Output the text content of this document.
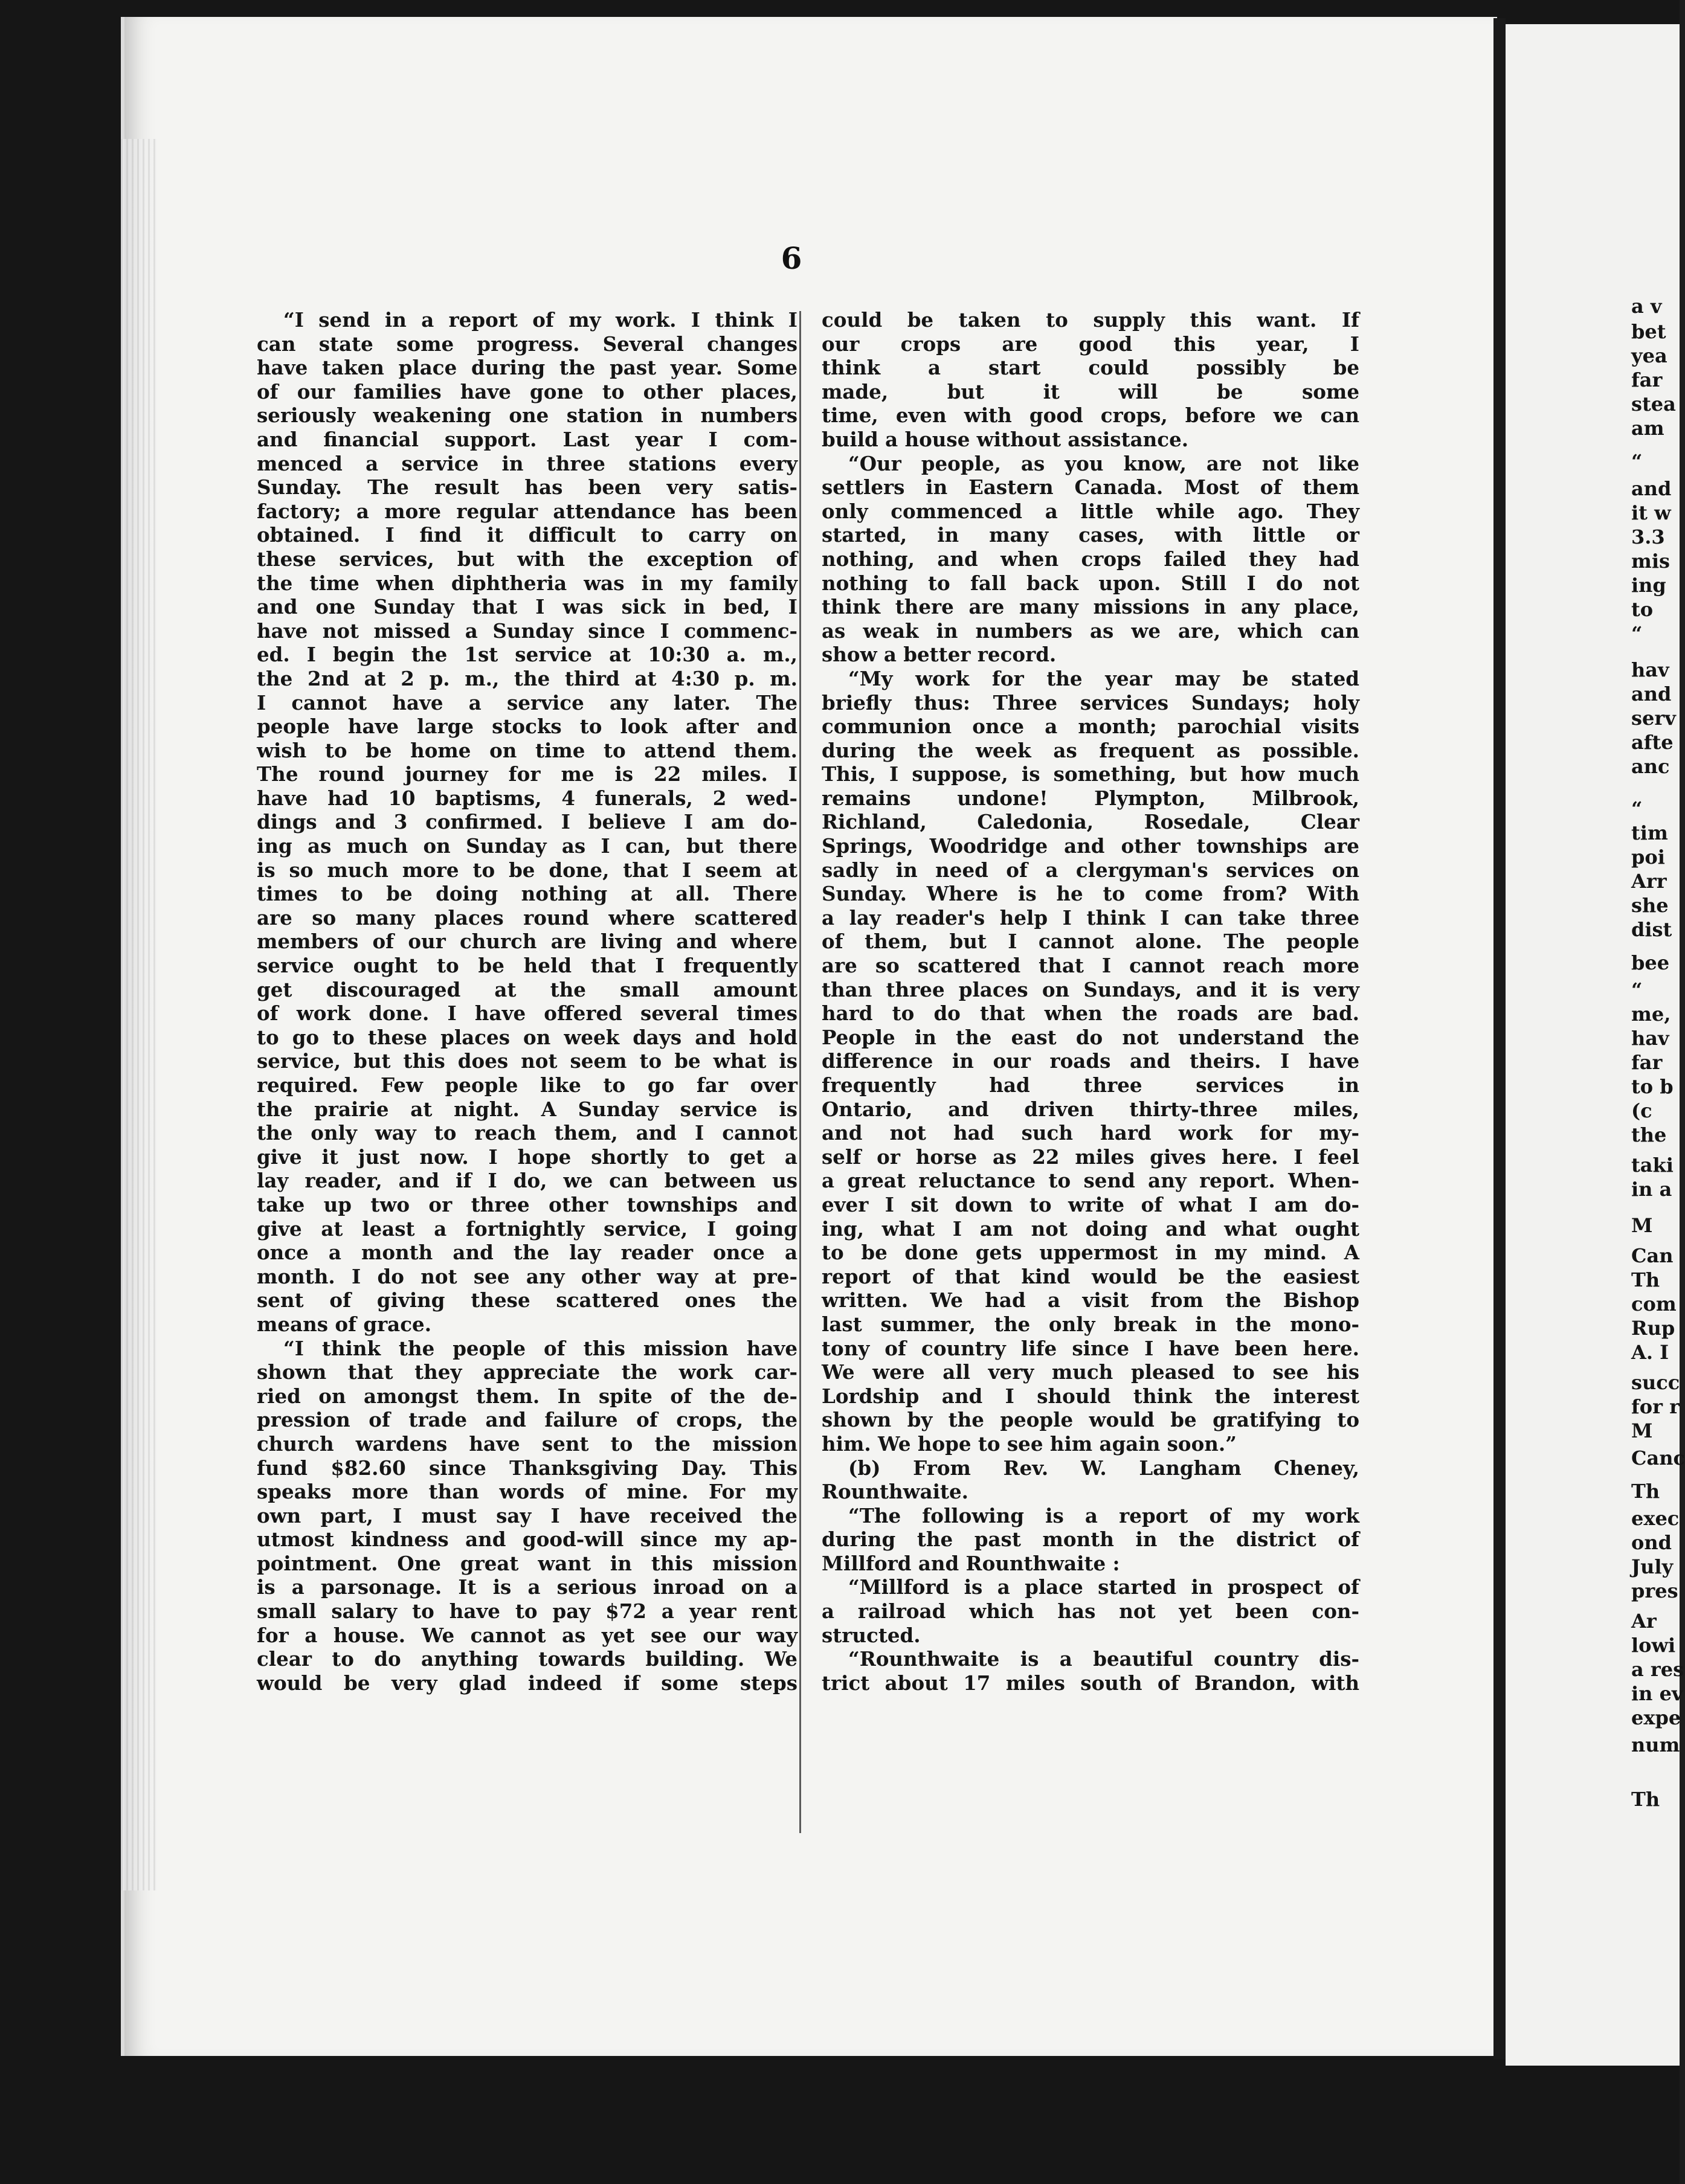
6
“I send in a report of my work. I think I
can state some progress. Several changes
have taken place during the past year. Some
of our families have gone to other places,
seriously weakening one station in numbers
and financial support. Last year I com-
menced a service in three stations every
Sunday. The result has been very satis-
factory; a more regular attendance has been
obtained. I find it difficult to carry on
these services, but with the exception of
the time when diphtheria was in my family
and one Sunday that I was sick in bed, I
have not missed a Sunday since I commenc-
ed. I begin the 1st service at 10:30 a. m.,
the 2nd at 2 p. m., the third at 4:30 p. m.
I cannot have a service any later. The
people have large stocks to look after and
wish to be home on time to attend them.
The round journey for me is 22 miles. I
have had 10 baptisms, 4 funerals, 2 wed-
dings and 3 confirmed. I believe I am do-
ing as much on Sunday as I can, but there
is so much more to be done, that I seem at
times to be doing nothing at all. There
are so many places round where scattered
members of our church are living and where
service ought to be held that I frequently
get discouraged at the small amount
of work done. I have offered several times
to go to these places on week days and hold
service, but this does not seem to be what is
required. Few people like to go far over
the prairie at night. A Sunday service is
the only way to reach them, and I cannot
give it just now. I hope shortly to get a
lay reader, and if I do, we can between us
take up two or three other townships and
give at least a fortnightly service, I going
once a month and the lay reader once a
month. I do not see any other way at pre-
sent of giving these scattered ones the
means of grace.
“I think the people of this mission have
shown that they appreciate the work car-
ried on amongst them. In spite of the de-
pression of trade and failure of crops, the
church wardens have sent to the mission
fund $82.60 since Thanksgiving Day. This
speaks more than words of mine. For my
own part, I must say I have received the
utmost kindness and good-will since my ap-
pointment. One great want in this mission
is a parsonage. It is a serious inroad on a
small salary to have to pay $72 a year rent
for a house. We cannot as yet see our way
clear to do anything towards building. We
would be very glad indeed if some steps
could be taken to supply this want. If
our crops are good this year, I
think a start could possibly be
made, but it will be some
time, even with good crops, before we can
build a house without assistance.
“Our people, as you know, are not like
settlers in Eastern Canada. Most of them
only commenced a little while ago. They
started, in many cases, with little or
nothing, and when crops failed they had
nothing to fall back upon. Still I do not
think there are many missions in any place,
as weak in numbers as we are, which can
show a better record.
“My work for the year may be stated
briefly thus: Three services Sundays; holy
communion once a month; parochial visits
during the week as frequent as possible.
This, I suppose, is something, but how much
remains undone! Plympton, Milbrook,
Richland, Caledonia, Rosedale, Clear
Springs, Woodridge and other townships are
sadly in need of a clergyman's services on
Sunday. Where is he to come from? With
a lay reader's help I think I can take three
of them, but I cannot alone. The people
are so scattered that I cannot reach more
than three places on Sundays, and it is very
hard to do that when the roads are bad.
People in the east do not understand the
difference in our roads and theirs. I have
frequently had three services in
Ontario, and driven thirty-three miles,
and not had such hard work for my-
self or horse as 22 miles gives here. I feel
a great reluctance to send any report. When-
ever I sit down to write of what I am do-
ing, what I am not doing and what ought
to be done gets uppermost in my mind. A
report of that kind would be the easiest
written. We had a visit from the Bishop
last summer, the only break in the mono-
tony of country life since I have been here.
We were all very much pleased to see his
Lordship and I should think the interest
shown by the people would be gratifying to
him. We hope to see him again soon.”
(b) From Rev. W. Langham Cheney,
Rounthwaite.
“The following is a report of my work
during the past month in the district of
Millford and Rounthwaite :
“Millford is a place started in prospect of
a railroad which has not yet been con-
structed.
“Rounthwaite is a beautiful country dis-
trict about 17 miles south of Brandon, with
a v
bet
yea
far
stea
am
“
and
it w
3.3
mis
ing
to
“
hav
and
serv
afte
anc
“
tim
poi
Arr
she
dist
bee
“
me,
hav
far
to b
(c
the
taki
in a
M
Can
Th
com
Rup
A. I
succ
for r
M
Canc
Th
exec
ond
July
pres
Ar
lowi
a res
in ev
expe
num
Th
